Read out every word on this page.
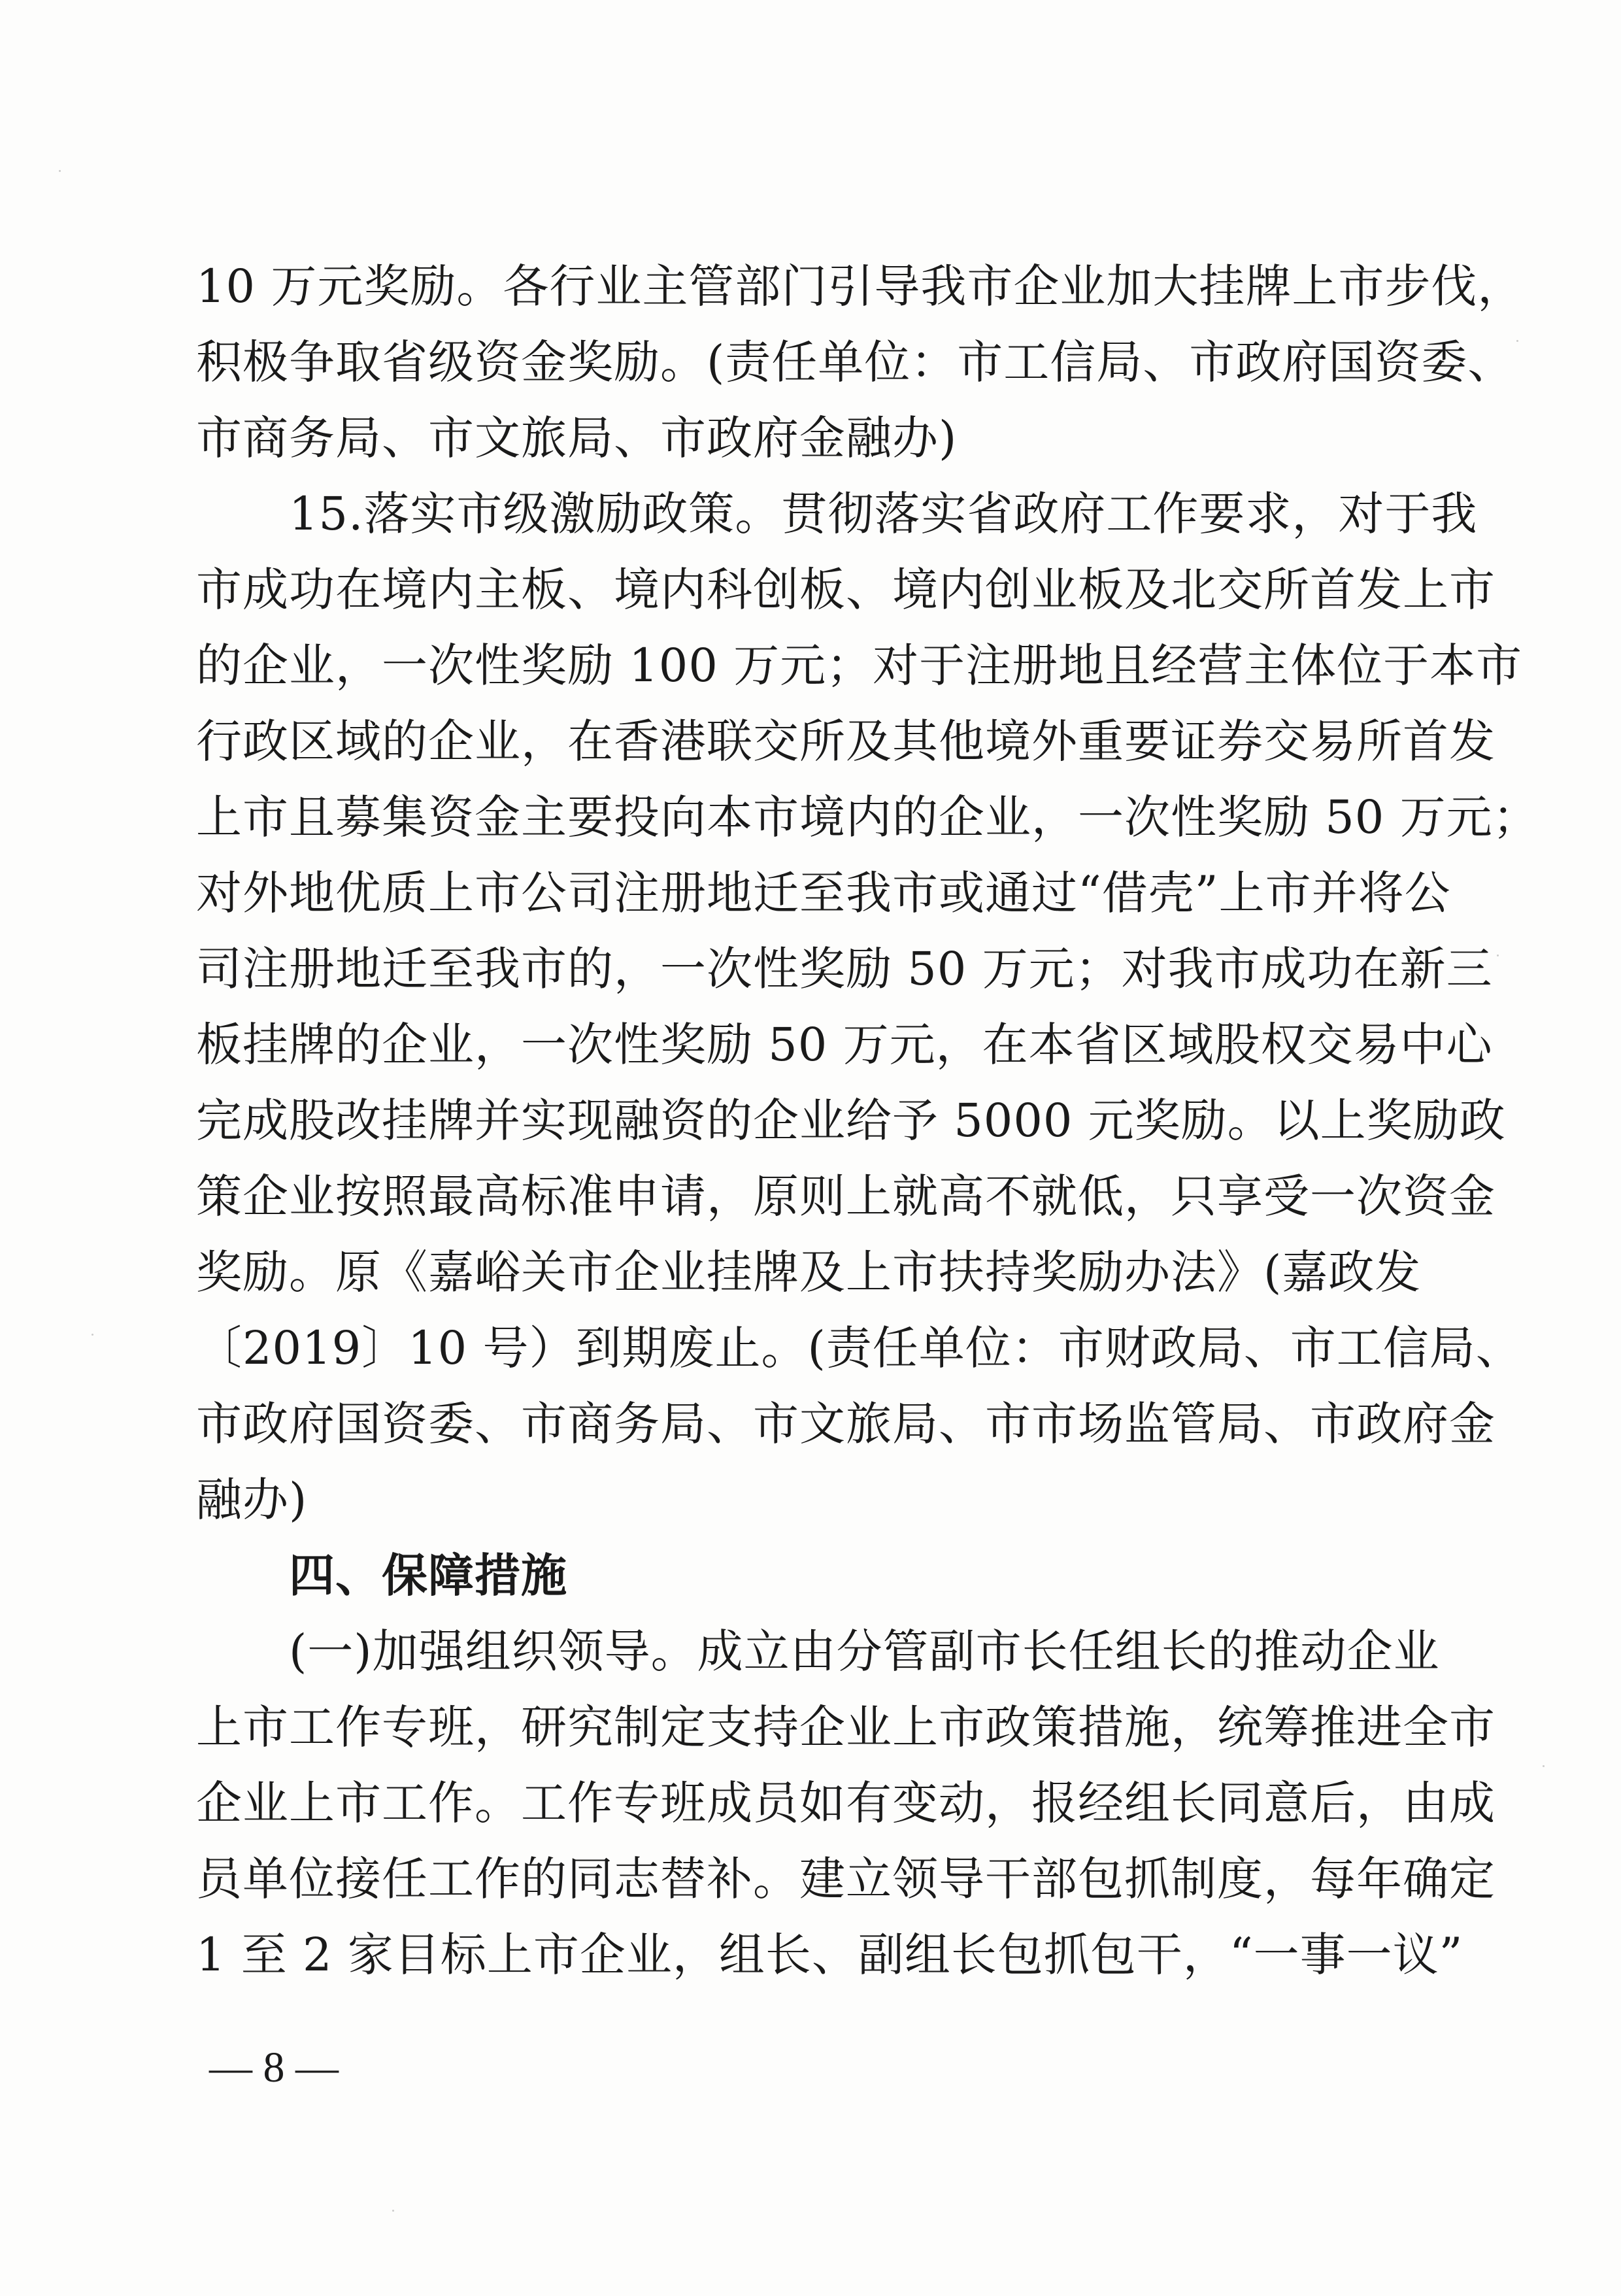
10 万元奖励。各行业主管部门引导我市企业加大挂牌上市步伐，
积极争取省级资金奖励。(责任单位：市工信局、市政府国资委、
市商务局、市文旅局、市政府金融办)
15.落实市级激励政策。贯彻落实省政府工作要求，对于我
市成功在境内主板、境内科创板、境内创业板及北交所首发上市
的企业，一次性奖励 100 万元；对于注册地且经营主体位于本市
行政区域的企业，在香港联交所及其他境外重要证券交易所首发
上市且募集资金主要投向本市境内的企业，一次性奖励 50 万元；
对外地优质上市公司注册地迁至我市或通过“借壳”上市并将公
司注册地迁至我市的，一次性奖励 50 万元；对我市成功在新三
板挂牌的企业，一次性奖励 50 万元，在本省区域股权交易中心
完成股改挂牌并实现融资的企业给予 5000 元奖励。以上奖励政
策企业按照最高标准申请，原则上就高不就低，只享受一次资金
奖励。原《嘉峪关市企业挂牌及上市扶持奖励办法》(嘉政发
〔2019〕10 号）到期废止。(责任单位：市财政局、市工信局、
市政府国资委、市商务局、市文旅局、市市场监管局、市政府金
融办)
四、保障措施
(一)加强组织领导。成立由分管副市长任组长的推动企业
上市工作专班，研究制定支持企业上市政策措施，统筹推进全市
企业上市工作。工作专班成员如有变动，报经组长同意后，由成
员单位接任工作的同志替补。建立领导干部包抓制度，每年确定
1 至 2 家目标上市企业，组长、副组长包抓包干，“一事一议”
— 8 —
